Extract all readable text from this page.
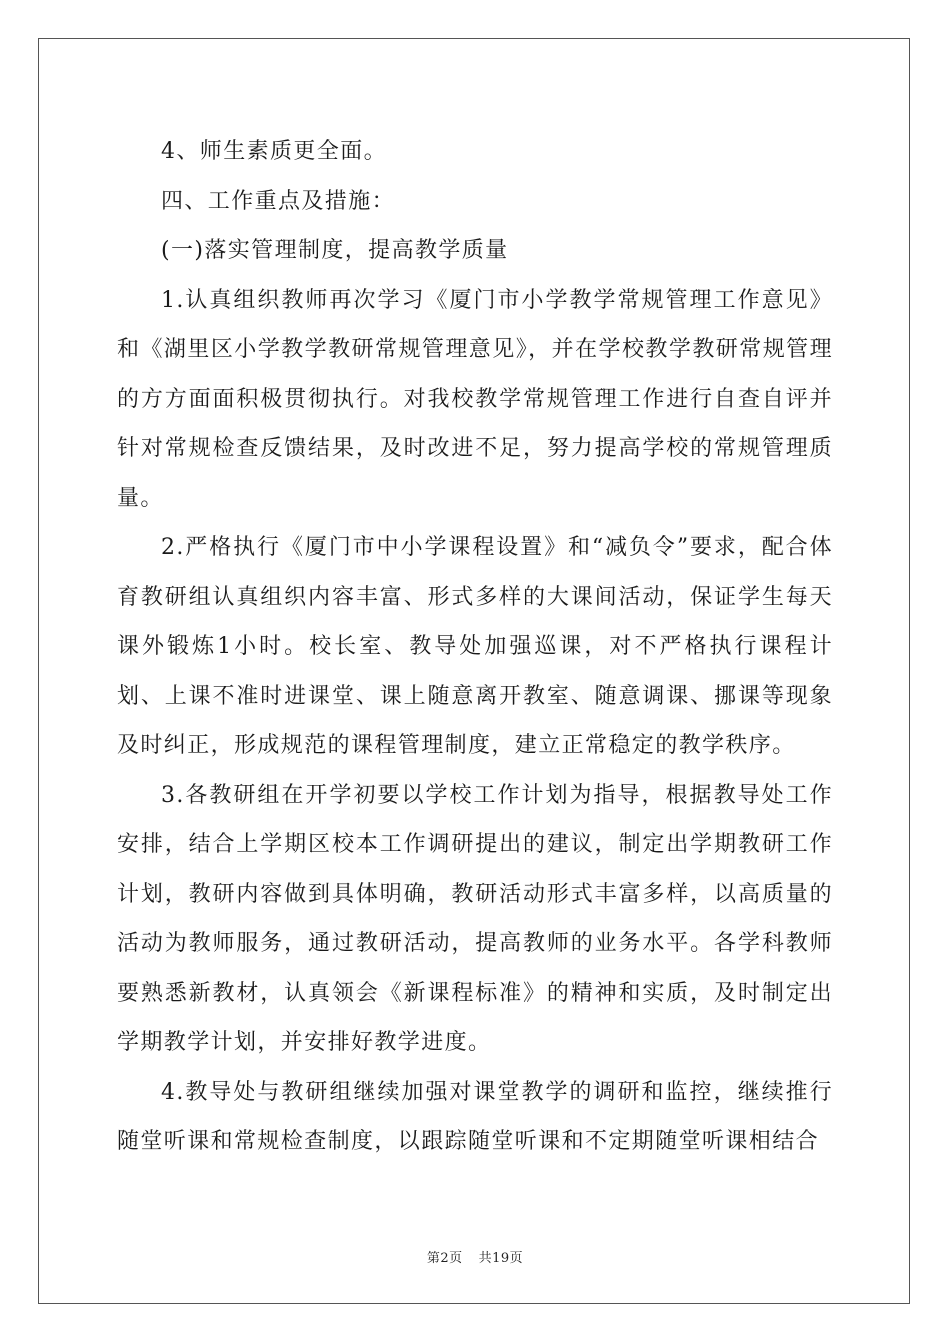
4、师生素质更全面。

四、工作重点及措施：

(一)落实管理制度，提高教学质量

1.认真组织教师再次学习《厦门市小学教学常规管理工作意见》和《湖里区小学教学教研常规管理意见》，并在学校教学教研常规管理的方方面面积极贯彻执行。对我校教学常规管理工作进行自查自评并针对常规检查反馈结果，及时改进不足，努力提高学校的常规管理质量。

2.严格执行《厦门市中小学课程设置》和“减负令”要求，配合体育教研组认真组织内容丰富、形式多样的大课间活动，保证学生每天课外锻炼1小时。校长室、教导处加强巡课，对不严格执行课程计划、上课不准时进课堂、课上随意离开教室、随意调课、挪课等现象及时纠正，形成规范的课程管理制度，建立正常稳定的教学秩序。

3.各教研组在开学初要以学校工作计划为指导，根据教导处工作安排，结合上学期区校本工作调研提出的建议，制定出学期教研工作计划，教研内容做到具体明确，教研活动形式丰富多样，以高质量的活动为教师服务，通过教研活动，提高教师的业务水平。各学科教师要熟悉新教材，认真领会《新课程标准》的精神和实质，及时制定出学期教学计划，并安排好教学进度。

4.教导处与教研组继续加强对课堂教学的调研和监控，继续推行随堂听课和常规检查制度，以跟踪随堂听课和不定期随堂听课相结合

第2页 共19页
